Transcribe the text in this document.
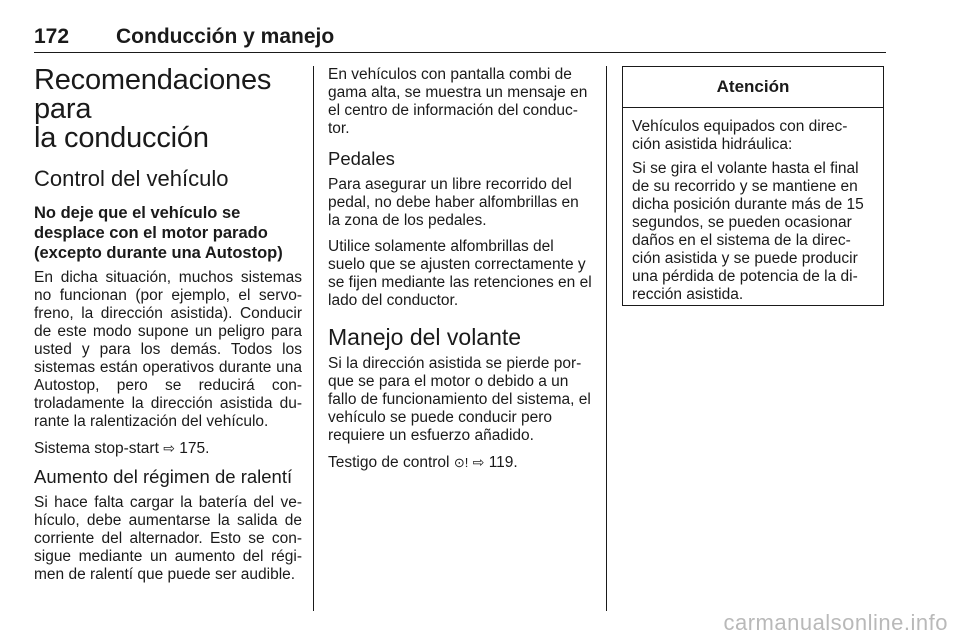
172 Conducción y manejo
Recomendaciones para
la conducción
Control del vehículo
No deje que el vehículo se
desplace con el motor parado
(excepto durante una Autostop)

En dicha situación, muchos sistemas no funcionan (por ejemplo, el servo-freno, la dirección asistida). Conducir de este modo supone un peligro para usted y para los demás. Todos los sistemas están operativos durante una Autostop, pero se reducirá con-troladamente la dirección asistida du-rante la ralentización del vehículo.

Sistema stop-start ⇨ 175.

Aumento del régimen de ralentí

Si hace falta cargar la batería del ve-hículo, debe aumentarse la salida de corriente del alternador. Esto se con-sigue mediante un aumento del régi-men de ralentí que puede ser audible.

En vehículos con pantalla combi de gama alta, se muestra un mensaje en el centro de información del conduc-tor.

Pedales

Para asegurar un libre recorrido del pedal, no debe haber alfombrillas en la zona de los pedales.

Utilice solamente alfombrillas del suelo que se ajusten correctamente y se fijen mediante las retenciones en el lado del conductor.

Manejo del volante

Si la dirección asistida se pierde por-que se para el motor o debido a un fallo de funcionamiento del sistema, el vehículo se puede conducir pero requiere un esfuerzo añadido.

Testigo de control ⊙! ⇨ 119.

Atención

Vehículos equipados con direc-ción asistida hidráulica:

Si se gira el volante hasta el final de su recorrido y se mantiene en dicha posición durante más de 15 segundos, se pueden ocasionar daños en el sistema de la direc-ción asistida y se puede producir una pérdida de potencia de la di-rección asistida.

carmanualsonline.info
